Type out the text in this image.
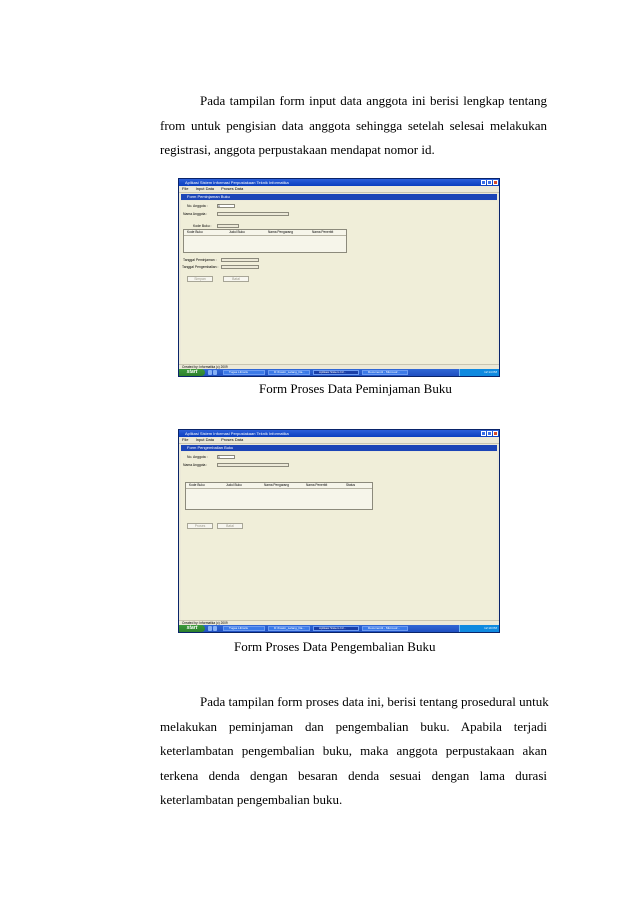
Pada tampilan form input data anggota ini berisi lengkap tentang
from untuk pengisian data anggota sehingga setelah selesai melakukan
registrasi, anggota perpustakaan mendapat nomor id.

Aplikasi Sistem Informasi Perpustakaan Teknik Informatika
File Input Data Proses Data
Form Peminjaman Buku
No. Anggota :	1
Nama Anggota :
Kode Buku :
Kode Buku	Judul Buku	Nama Pengarang	Nama Penerbit
Tanggal Peminjaman :
Tanggal Pengembalian :
Simpan	Batal
Created by: Informatika (c) 2009
start	Tugas Libraris	D:\Kosim_Lelang_Da...	Aplikasi Sistem Inf...	Document1 - Microsof...	12:14 PM

Form Proses Data Peminjaman Buku

Aplikasi Sistem Informasi Perpustakaan Teknik Informatika
File Input Data Proses Data
Form Pengembalian Buku
No. Anggota :	1
Nama Anggota :
Kode Buku	Judul Buku	Nama Pengarang	Nama Penerbit	Status
Proses	Batal
Created by: Informatika (c) 2009
start	Tugas Libraris	D:\Kosim_Lelang_Da...	Aplikasi Sistem Inf...	Document1 - Microsof...	12:19 PM

Form Proses Data Pengembalian Buku

Pada tampilan form proses data ini, berisi tentang prosedural untuk
melakukan peminjaman dan pengembalian buku. Apabila terjadi
keterlambatan pengembalian buku, maka anggota perpustakaan akan
terkena denda dengan besaran denda sesuai dengan lama durasi
keterlambatan pengembalian buku.
